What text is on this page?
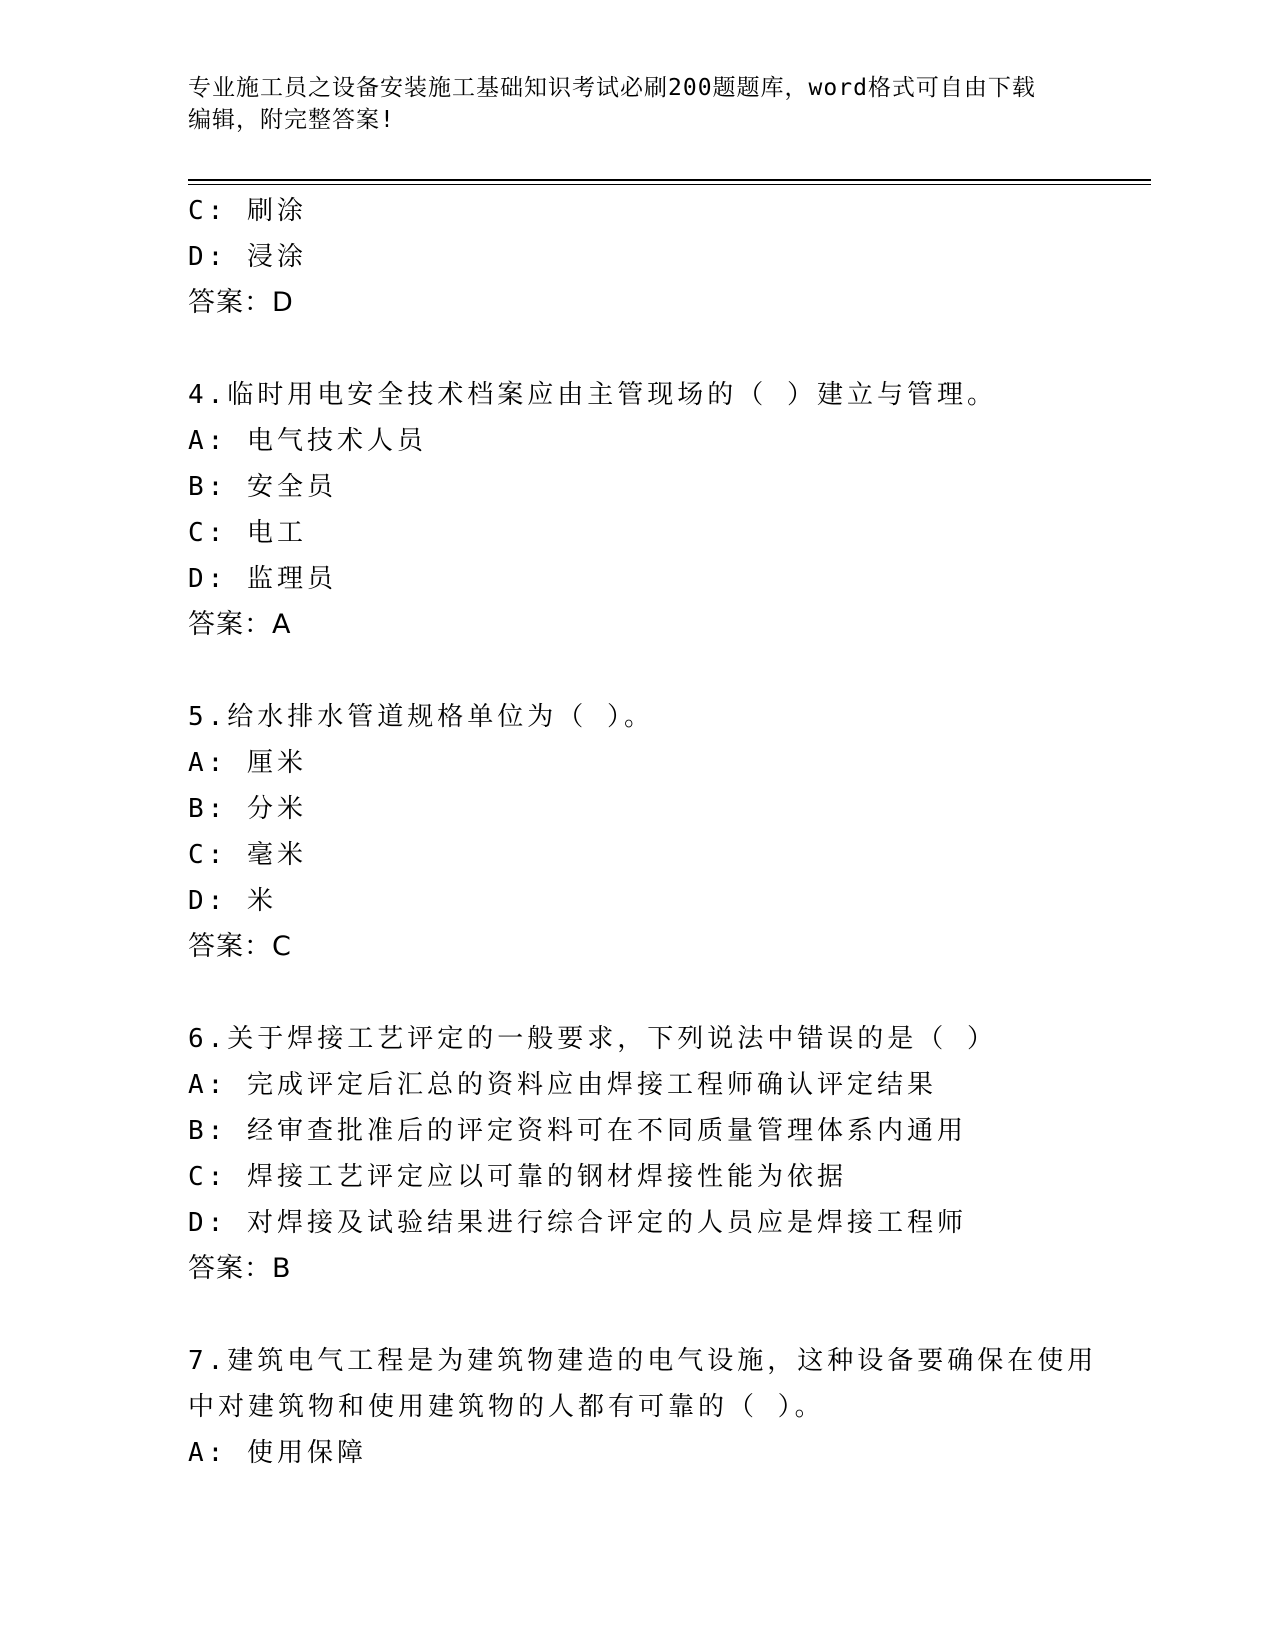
专业施工员之设备安装施工基础知识考试必刷200题题库，word格式可自由下载
编辑，附完整答案!
C: 刷涂
D: 浸涂
答案：D
4.临时用电安全技术档案应由主管现场的（ ）建立与管理。
A: 电气技术人员
B: 安全员
C: 电工
D: 监理员
答案：A
5.给水排水管道规格单位为（ ）。
A: 厘米
B: 分米
C: 毫米
D: 米
答案：C
6.关于焊接工艺评定的一般要求，下列说法中错误的是（ ）
A: 完成评定后汇总的资料应由焊接工程师确认评定结果
B: 经审查批准后的评定资料可在不同质量管理体系内通用
C: 焊接工艺评定应以可靠的钢材焊接性能为依据
D: 对焊接及试验结果进行综合评定的人员应是焊接工程师
答案：B
7.建筑电气工程是为建筑物建造的电气设施，这种设备要确保在使用
中对建筑物和使用建筑物的人都有可靠的（ ）。
A: 使用保障
